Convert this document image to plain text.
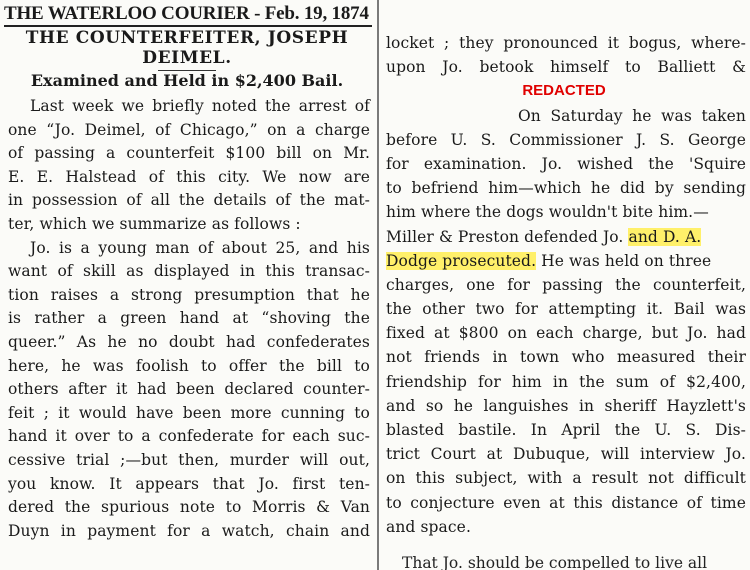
THE WATERLOO COURIER - Feb. 19, 1874
THE COUNTERFEITER, JOSEPH
DEIMEL.
Examined and Held in $2,400 Bail.
Last week we briefly noted the arrest of
one “Jo. Deimel, of Chicago,” on a charge
of passing a counterfeit $100 bill on Mr.
E. E. Halstead of this city. We now are
in possession of all the details of the mat-
ter, which we summarize as follows :
Jo. is a young man of about 25, and his
want of skill as displayed in this transac-
tion raises a strong presumption that he
is rather a green hand at “shoving the
queer.” As he no doubt had confederates
here, he was foolish to offer the bill to
others after it had been declared counter-
feit ; it would have been more cunning to
hand it over to a confederate for each suc-
cessive trial ;—but then, murder will out,
you know. It appears that Jo. first ten-
dered the spurious note to Morris & Van
Duyn in payment for a watch, chain and
locket ; they pronounced it bogus, where-
upon Jo. betook himself to Balliett &
On Saturday he was taken
before U. S. Commissioner J. S. George
for examination. Jo. wished the 'Squire
to befriend him—which he did by sending
him where the dogs wouldn't bite him.—
Miller & Preston defended Jo. and D. A.
Dodge prosecuted. He was held on three
charges, one for passing the counterfeit,
the other two for attempting it. Bail was
fixed at $800 on each charge, but Jo. had
not friends in town who measured their
friendship for him in the sum of $2,400,
and so he languishes in sheriff Hayzlett's
blasted bastile. In April the U. S. Dis-
trict Court at Dubuque, will interview Jo.
on this subject, with a result not difficult
to conjecture even at this distance of time
and space.
REDACTED
That Jo. should be compelled to live all
